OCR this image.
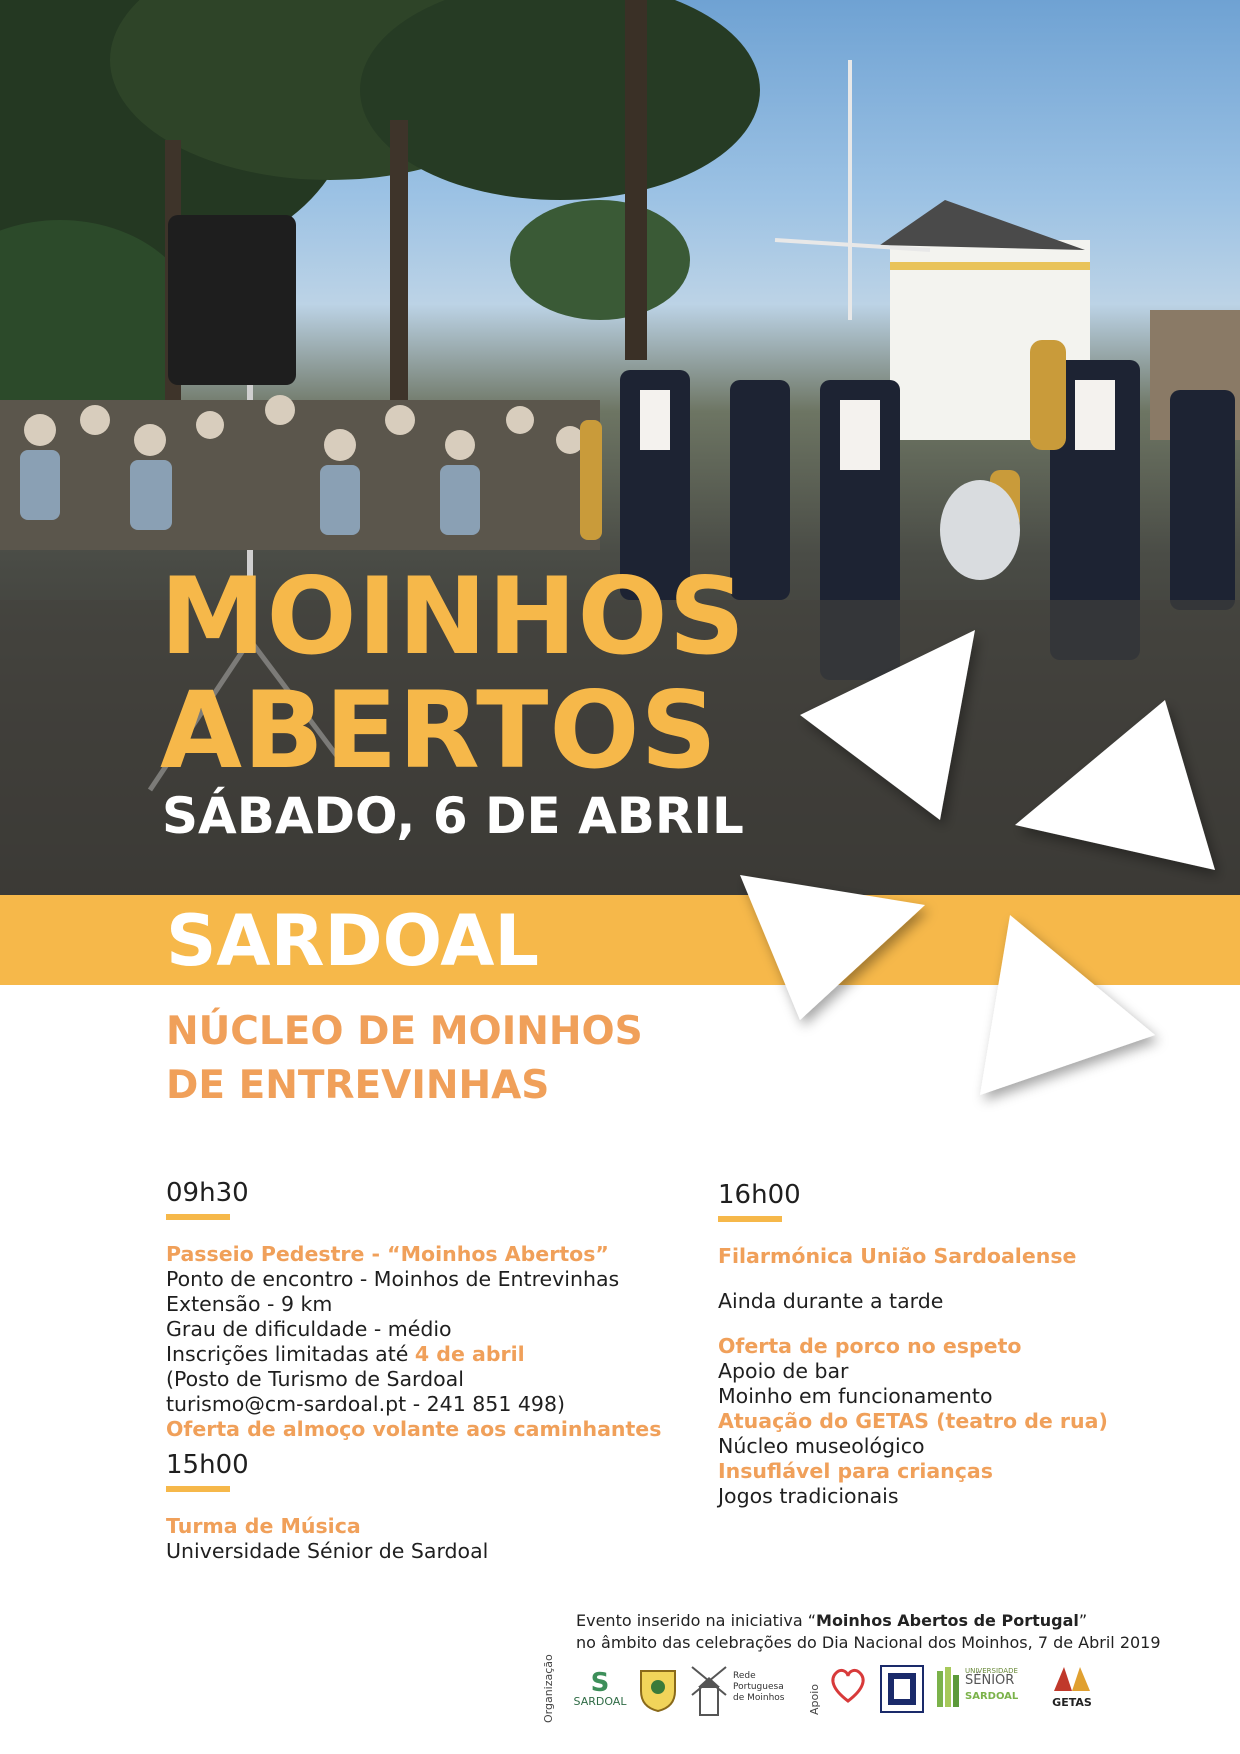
MOINHOS
ABERTOS

SÁBADO, 6 DE ABRIL

SARDOAL

NÚCLEO DE MOINHOS
DE ENTREVINHAS
09h30

Passeio Pedestre - “Moinhos Abertos”

Ponto de encontro - Moinhos de Entrevinhas

Extensão - 9 km

Grau de dificuldade - médio

Inscrições limitadas até 4 de abril

(Posto de Turismo de Sardoal

turismo@cm-sardoal.pt - 241 851 498)

Oferta de almoço volante aos caminhantes

15h00

Turma de Música

Universidade Sénior de Sardoal

16h00

Filarmónica União Sardoalense

Ainda durante a tarde

Oferta de porco no espeto

Apoio de bar

Moinho em funcionamento

Atuação do GETAS (teatro de rua)

Núcleo museológico

Insuflável para crianças

Jogos tradicionais

Evento inserido na iniciativa “Moinhos Abertos de Portugal”
no âmbito das celebrações do Dia Nacional dos Moinhos, 7 de Abril 2019
Organização	S
SARDOAL
Rede
Portuguesa
de Moinhos	Apoio
UNIVERSIDADE
SÉNIOR
SARDOAL	GETAS
